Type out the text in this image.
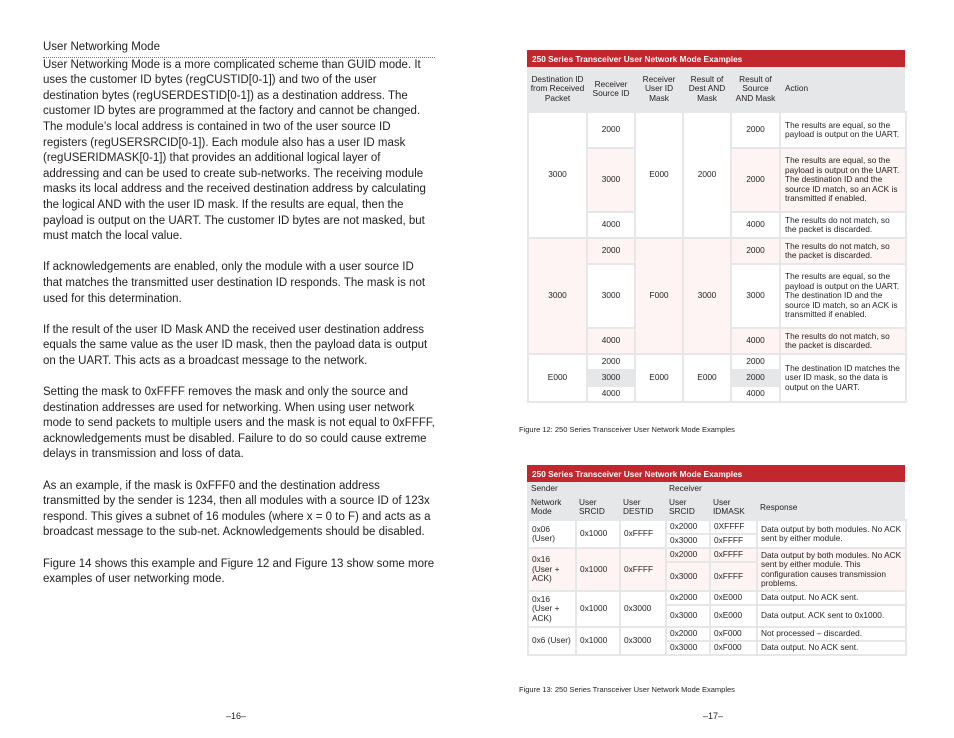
User Networking Mode

User Networking Mode is a more complicated scheme than GUID mode. It uses the customer ID bytes (regCUSTID[0-1]) and two of the user destination bytes (regUSERDESTID[0-1]) as a destination address. The customer ID bytes are programmed at the factory and cannot be changed. The module’s local address is contained in two of the user source ID registers (regUSERSRCID[0-1]). Each module also has a user ID mask (regUSERIDMASK[0-1]) that provides an additional logical layer of addressing and can be used to create sub-networks. The receiving module masks its local address and the received destination address by calculating the logical AND with the user ID mask. If the results are equal, then the payload is output on the UART. The customer ID bytes are not masked, but must match the local value.

If acknowledgements are enabled, only the module with a user source ID that matches the transmitted user destination ID responds. The mask is not used for this determination.

If the result of the user ID Mask AND the received user destination address equals the same value as the user ID mask, then the payload data is output on the UART. This acts as a broadcast message to the network.

Setting the mask to 0xFFFF removes the mask and only the source and destination addresses are used for networking. When using user network mode to send packets to multiple users and the mask is not equal to 0xFFFF, acknowledgements must be disabled. Failure to do so could cause extreme delays in transmission and loss of data.

As an example, if the mask is 0xFFF0 and the destination address transmitted by the sender is 1234, then all modules with a source ID of 123x respond. This gives a subnet of 16 modules (where x = 0 to F) and acts as a broadcast message to the sub-net. Acknowledgements should be disabled.

Figure 14 shows this example and Figure 12 and Figure 13 show some more examples of user networking mode.

–16–
250 Series Transceiver User Network Mode Examples
Destination ID from Received Packet	Receiver Source ID	Receiver User ID Mask	Result of Dest AND Mask	Result of Source AND Mask	Action
3000	2000	E000	2000	2000	The results are equal, so the payload is output on the UART.
	3000			2000	The results are equal, so the payload is output on the UART. The destination ID and the source ID match, so an ACK is transmitted if enabled.
	4000			4000	The results do not match, so the packet is discarded.
3000	2000	F000	3000	2000	The results do not match, so the packet is discarded.
	3000			3000	The results are equal, so the payload is output on the UART. The destination ID and the source ID match, so an ACK is transmitted if enabled.
	4000			4000	The results do not match, so the packet is discarded.
E000	2000	E000	E000	2000	The destination ID matches the user ID mask, so the data is output on the UART.
	3000			2000	
	4000			4000	
Figure 12: 250 Series Transceiver User Network Mode Examples
250 Series Transceiver User Network Mode Examples
Sender			Receiver		
Network Mode	User SRCID	User DESTID	User SRCID	User IDMASK	Response
0x06 (User)	0x1000	0xFFFF	0x2000	0XFFFF	Data output by both modules. No ACK sent by either module.
			0x3000	0xFFFF	
0x16 (User + ACK)	0x1000	0xFFFF	0x2000	0xFFFF	Data output by both modules. No ACK sent by either module. This configuration causes transmission problems.
			0x3000	0xFFFF	
0x16 (User + ACK)	0x1000	0x3000	0x2000	0xE000	Data output. No ACK sent.
			0x3000	0xE000	Data output. ACK sent to 0x1000.
0x6 (User)	0x1000	0x3000	0x2000	0xF000	Not processed – discarded.
			0x3000	0xF000	Data output. No ACK sent.
Figure 13: 250 Series Transceiver User Network Mode Examples
–17–
